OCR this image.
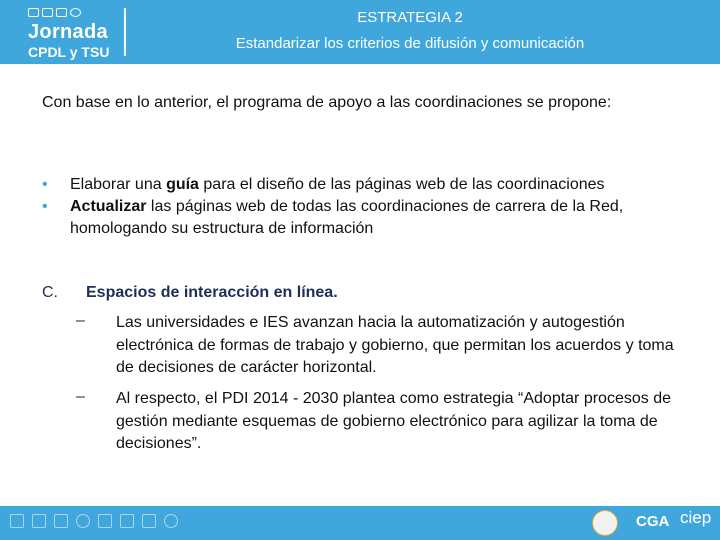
Jornada
CPDL y TSU
ESTRATEGIA 2
Estandarizar los criterios de difusión y comunicación
Con base en lo anterior, el programa de apoyo a las coordinaciones se propone:
• Elaborar una guía para el diseño de las páginas web de las coordinaciones
• Actualizar las páginas web de todas las coordinaciones de carrera de la Red, homologando su estructura de información
C. Espacios de interacción en línea.
– Las universidades e IES avanzan hacia la automatización y autogestión electrónica de formas de trabajo y gobierno, que permitan los acuerdos y toma de decisiones de carácter horizontal.
– Al respecto, el PDI 2014 - 2030 plantea como estrategia “Adoptar procesos de gestión mediante esquemas de gobierno electrónico para agilizar la toma de decisiones”.
CGA ciep
